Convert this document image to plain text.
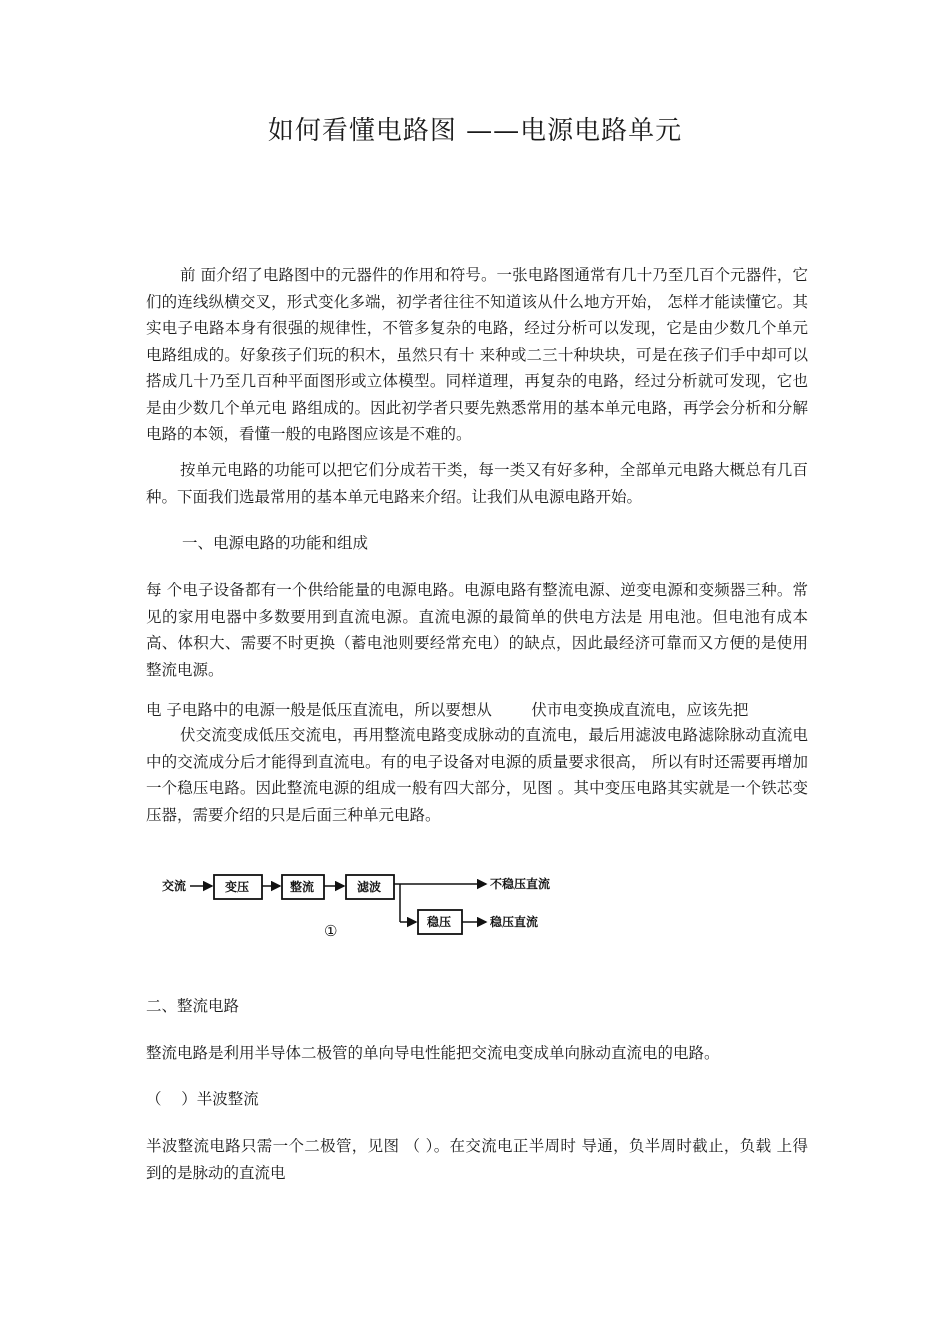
如何看懂电路图 ——电源电路单元

前 面介绍了电路图中的元器件的作用和符号。一张电路图通常有几十乃至几百个元器件，它们的连线纵横交叉，形式变化多端，初学者往往不知道该从什么地方开始， 怎样才能读懂它。其实电子电路本身有很强的规律性，不管多复杂的电路，经过分析可以发现，它是由少数几个单元电路组成的。好象孩子们玩的积木，虽然只有十 来种或二三十种块块，可是在孩子们手中却可以搭成几十乃至几百种平面图形或立体模型。同样道理，再复杂的电路，经过分析就可发现，它也是由少数几个单元电 路组成的。因此初学者只要先熟悉常用的基本单元电路，再学会分析和分解电路的本领，看懂一般的电路图应该是不难的。

按单元电路的功能可以把它们分成若干类，每一类又有好多种，全部单元电路大概总有几百种。下面我们选最常用的基本单元电路来介绍。让我们从电源电路开始。

一、电源电路的功能和组成

每 个电子设备都有一个供给能量的电源电路。电源电路有整流电源、逆变电源和变频器三种。常见的家用电器中多数要用到直流电源。直流电源的最简单的供电方法是 用电池。但电池有成本高、体积大、需要不时更换（蓄电池则要经常充电）的缺点，因此最经济可靠而又方便的是使用整流电源。

电 子电路中的电源一般是低压直流电，所以要想从        伏市电变换成直流电，应该先把

伏交流变成低压交流电，再用整流电路变成脉动的直流电，最后用滤波电路滤除脉动直流电中的交流成分后才能得到直流电。有的电子设备对电源的质量要求很高， 所以有时还需要再增加一个稳压电路。因此整流电源的组成一般有四大部分，见图 。其中变压电路其实就是一个铁芯变压器，需要介绍的只是后面三种单元电路。

交流	变压	整流	滤波	不稳压直流
稳压	稳压直流
①

二、整流电路

整流电路是利用半导体二极管的单向导电性能把交流电变成单向脉动直流电的电路。

（    ）半波整流

半波整流电路只需一个二极管，见图 （ ）。在交流电正半周时 导通，负半周时截止，负载 上得到的是脉动的直流电
